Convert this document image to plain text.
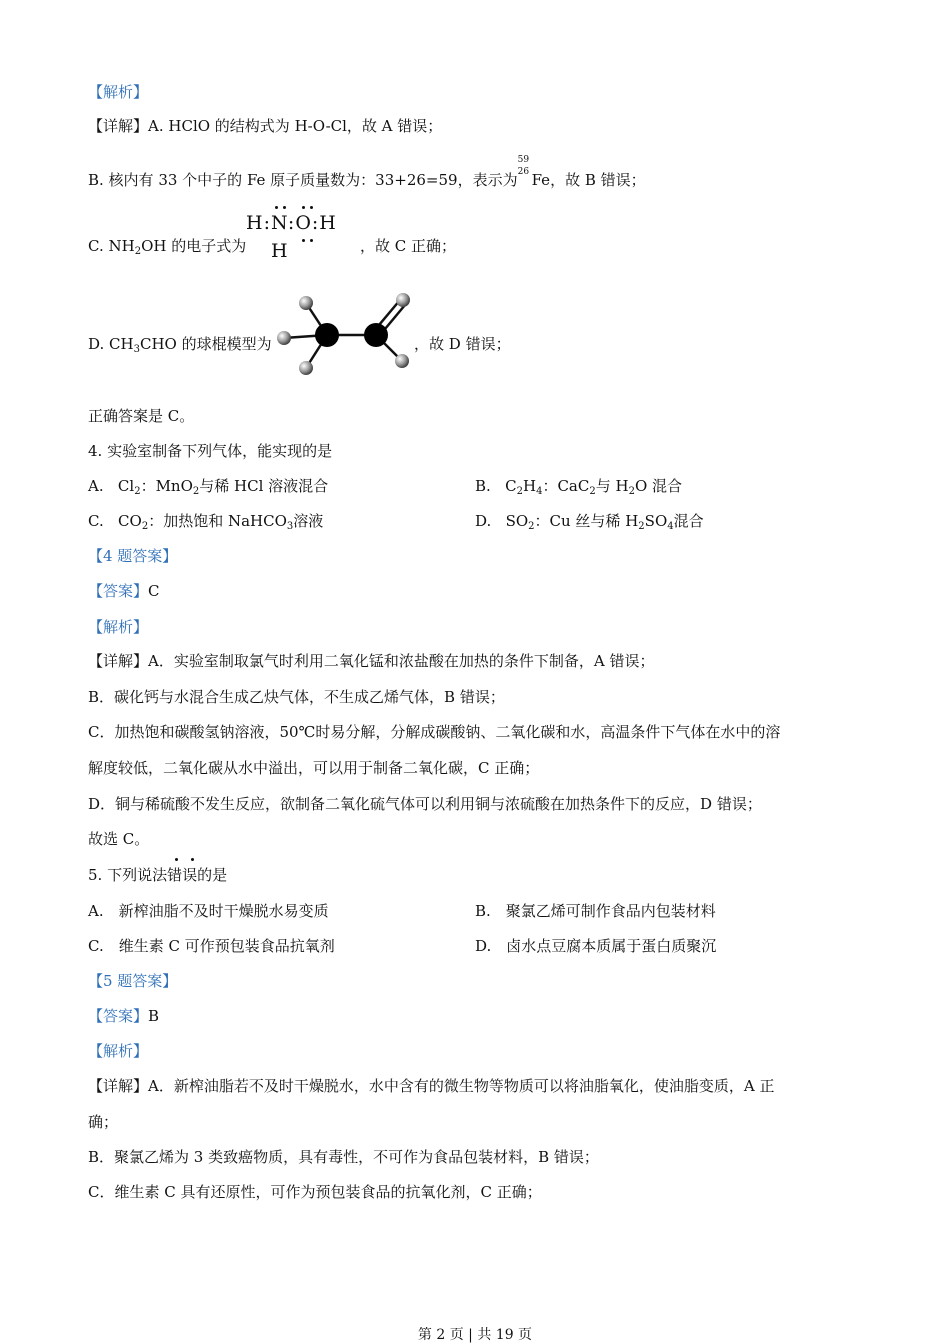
【解析】
【详解】A. HClO 的结构式为 H-O-Cl，故 A 错误；
B. 核内有 33 个中子的 Fe 原子质量数为：33+26=59，表示为
59
26 Fe，故 B 错误；
C. $NH_2OH$ 的电子式为
H:N:O:H
H	，故 C 正确；
D. $CH_3CHO$ 的球棍模型为	，故 D 错误；
正确答案是 C。
4. 实验室制备下列气体，能实现的是
A. $Cl_2$：MnO$_2$与稀 HCl 溶液混合	B. $C_2H_4$：CaC$_2$与 $H_2O$ 混合
C. $CO_2$：加热饱和 NaHCO$_3$溶液	D. $SO_2$：Cu 丝与稀 $H_2SO_4$混合
【4 题答案】
【答案】C
【解析】
【详解】A．实验室制取氯气时利用二氧化锰和浓盐酸在加热的条件下制备，A 错误；
B．碳化钙与水混合生成乙炔气体，不生成乙烯气体，B 错误；
C．加热饱和碳酸氢钠溶液，50℃时易分解，分解成碳酸钠、二氧化碳和水，高温条件下气体在水中的溶
解度较低，二氧化碳从水中溢出，可以用于制备二氧化碳，C 正确；
D．铜与稀硫酸不发生反应，欲制备二氧化硫气体可以利用铜与浓硫酸在加热条件下的反应，D 错误；
故选 C。
5. 下列说法错误的是
A.　新榨油脂不及时干燥脱水易变质	B.　聚氯乙烯可制作食品内包装材料
C.　维生素 C 可作预包装食品抗氧剂	D.　卤水点豆腐本质属于蛋白质聚沉
【5 题答案】
【答案】B
【解析】
【详解】A．新榨油脂若不及时干燥脱水，水中含有的微生物等物质可以将油脂氧化，使油脂变质，A 正
确；
B．聚氯乙烯为 3 类致癌物质，具有毒性，不可作为食品包装材料，B 错误；
C．维生素 C 具有还原性，可作为预包装食品的抗氧化剂，C 正确；
第 2 页 | 共 19 页
